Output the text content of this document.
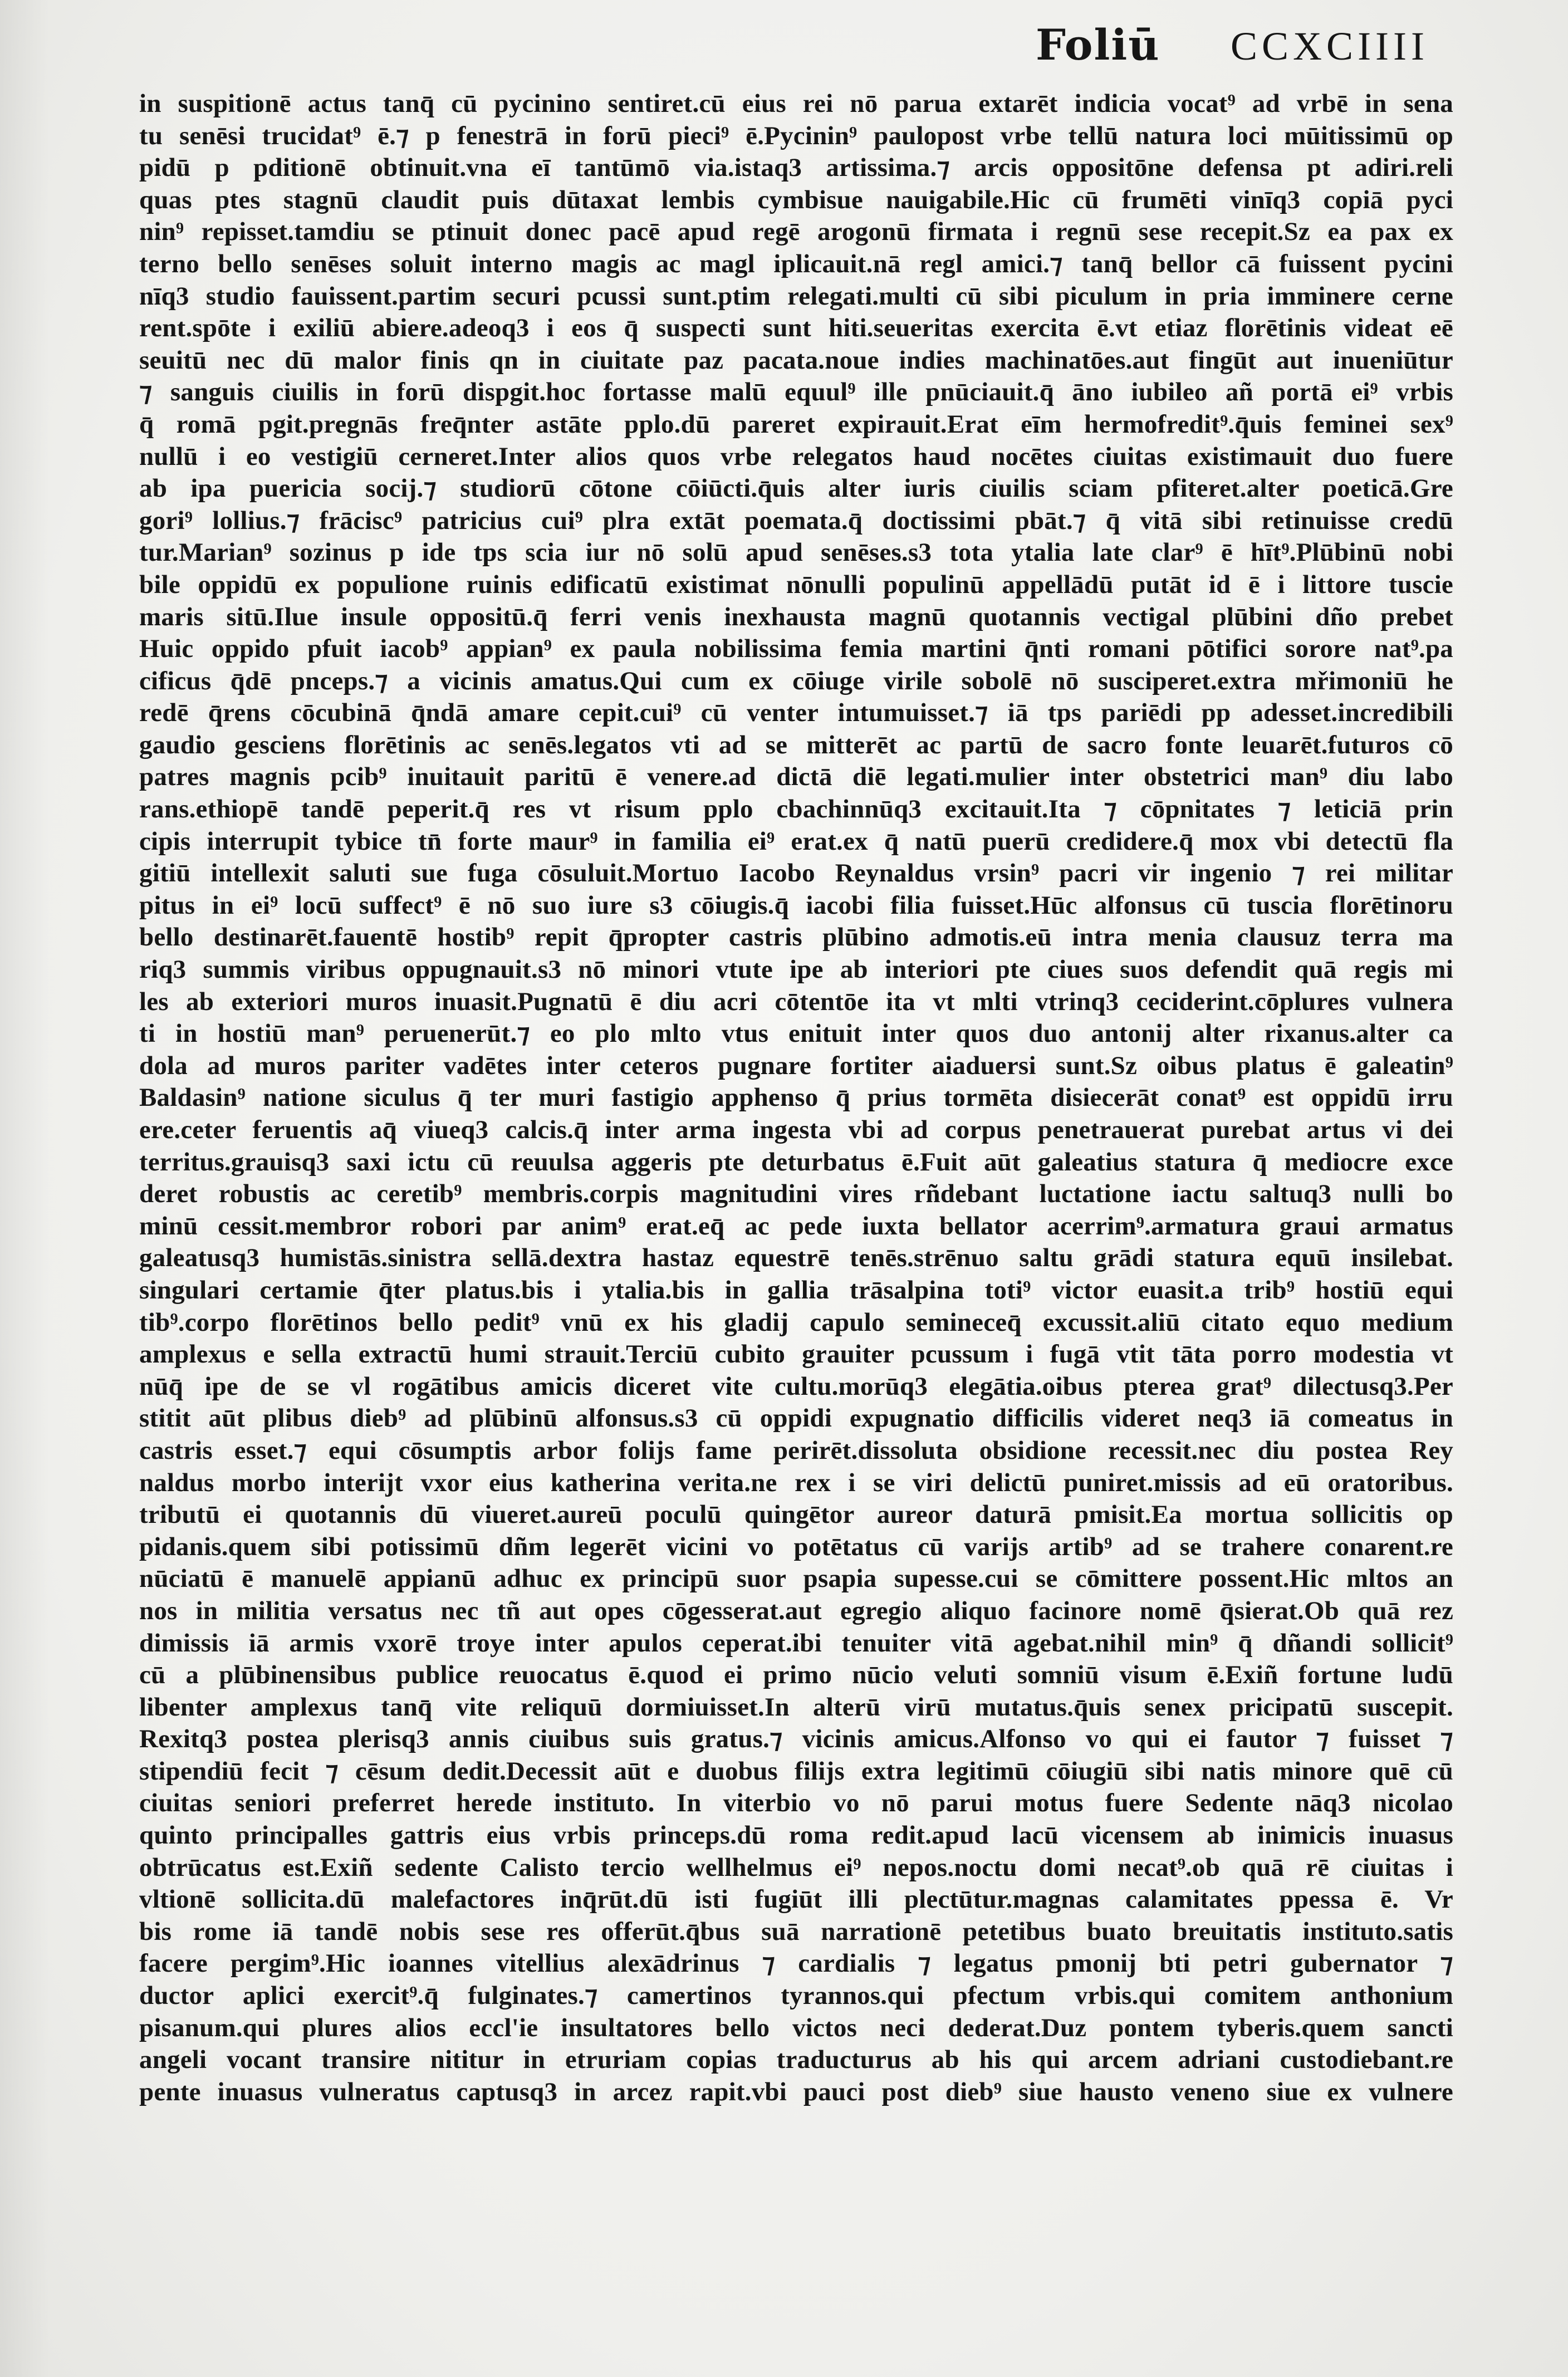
Foliū CCXCIIII
in suspitionē actus tanq̄ cū pycinino sentiret.cū eius rei nō parua extarēt indicia vocat⁹ ad vrbē in sena
tu senēsi trucidat⁹ ē.⁊ p fenestrā in forū pieci⁹ ē.Pycinin⁹ paulopost vrbe tellū natura loci mūitissimū op
pidū p pditionē obtinuit.vna eī tantūmō via.istaq3 artissima.⁊ arcis oppositōne defensa pt adiri.reli
quas ptes stagnū claudit puis dūtaxat lembis cymbisue nauigabile.Hic cū frumēti vinīq3 copiā pyci
nin⁹ repisset.tamdiu se ptinuit donec pacē apud regē arogonū firmata i regnū sese recepit.Sz ea pax ex
terno bello senēses soluit interno magis ac magl iplicauit.nā regl amici.⁊ tanq̄ bellor cā fuissent pycini
nīq3 studio fauissent.partim securi pcussi sunt.ptim relegati.multi cū sibi piculum in pria imminere cerne
rent.spōte i exiliū abiere.adeoq3 i eos q̄ suspecti sunt hiti.seueritas exercita ē.vt etiaz florētinis videat eē
seuitū nec dū malor finis qn in ciuitate paz pacata.noue indies machinatōes.aut fingūt aut inueniūtur
⁊ sanguis ciuilis in forū dispgit.hoc fortasse malū equul⁹ ille pnūciauit.q̄ āno iubileo añ portā ei⁹ vrbis
q̄ romā pgit.pregnās freq̄nter astāte pplo.dū pareret expirauit.Erat eīm hermofredit⁹.q̄uis feminei sex⁹
nullū i eo vestigiū cerneret.Inter alios quos vrbe relegatos haud nocētes ciuitas existimauit duo fuere
ab ipa puericia socij.⁊ studiorū cōtone cōiūcti.q̄uis alter iuris ciuilis sciam pfiteret.alter poeticā.Gre
gori⁹ lollius.⁊ frācisc⁹ patricius cui⁹ plra extāt poemata.q̄ doctissimi pbāt.⁊ q̄ vitā sibi retinuisse credū
tur.Marian⁹ sozinus p ide tps scia iur nō solū apud senēses.s3 tota ytalia late clar⁹ ē hīt⁹.Plūbinū nobi
bile oppidū ex populione ruinis edificatū existimat nōnulli populinū appellādū putāt id ē i littore tuscie
maris sitū.Ilue insule oppositū.q̄ ferri venis inexhausta magnū quotannis vectigal plūbini dño prebet
Huic oppido pfuit iacob⁹ appian⁹ ex paula nobilissima femia martini q̄nti romani pōtifici sorore nat⁹.pa
cificus q̄dē pnceps.⁊ a vicinis amatus.Qui cum ex cōiuge virile sobolē nō susciperet.extra mřimoniū he
redē q̄rens cōcubinā q̄ndā amare cepit.cui⁹ cū venter intumuisset.⁊ iā tps pariēdi pp adesset.incredibili
gaudio gesciens florētinis ac senēs.legatos vti ad se mitterēt ac partū de sacro fonte leuarēt.futuros cō
patres magnis pcib⁹ inuitauit paritū ē venere.ad dictā diē legati.mulier inter obstetrici man⁹ diu labo
rans.ethiopē tandē peperit.q̄ res vt risum pplo cbachinnūq3 excitauit.Ita ⁊ cōpnitates ⁊ leticiā prin
cipis interrupit tybice tn̄ forte maur⁹ in familia ei⁹ erat.ex q̄ natū puerū credidere.q̄ mox vbi detectū fla
gitiū intellexit saluti sue fuga cōsuluit.Mortuo Iacobo Reynaldus vrsin⁹ pacri vir ingenio ⁊ rei militar
pitus in ei⁹ locū suffect⁹ ē nō suo iure s3 cōiugis.q̄ iacobi filia fuisset.Hūc alfonsus cū tuscia florētinoru
bello destinarēt.fauentē hostib⁹ repit q̄propter castris plūbino admotis.eū intra menia clausuz terra ma
riq3 summis viribus oppugnauit.s3 nō minori vtute ipe ab interiori pte ciues suos defendit quā regis mi
les ab exteriori muros inuasit.Pugnatū ē diu acri cōtentōe ita vt mlti vtrinq3 ceciderint.cōplures vulnera
ti in hostiū man⁹ peruenerūt.⁊ eo plo mlto vtus enituit inter quos duo antonij alter rixanus.alter ca
dola ad muros pariter vadētes inter ceteros pugnare fortiter aiaduersi sunt.Sz oibus platus ē galeatin⁹
Baldasin⁹ natione siculus q̄ ter muri fastigio apphenso q̄ prius tormēta disiecerāt conat⁹ est oppidū irru
ere.ceter feruentis aq̄ viueq3 calcis.q̄ inter arma ingesta vbi ad corpus penetrauerat purebat artus vi dei
territus.grauisq3 saxi ictu cū reuulsa aggeris pte deturbatus ē.Fuit aūt galeatius statura q̄ mediocre exce
deret robustis ac ceretib⁹ membris.corpis magnitudini vires rñdebant luctatione iactu saltuq3 nulli bo
minū cessit.membror robori par anim⁹ erat.eq̄ ac pede iuxta bellator acerrim⁹.armatura graui armatus
galeatusq3 humistās.sinistra sellā.dextra hastaz equestrē tenēs.strēnuo saltu grādi statura equū insilebat.
singulari certamie q̄ter platus.bis i ytalia.bis in gallia trāsalpina toti⁹ victor euasit.a trib⁹ hostiū equi
tib⁹.corpo florētinos bello pedit⁹ vnū ex his gladij capulo semineceq̄ excussit.aliū citato equo medium
amplexus e sella extractū humi strauit.Terciū cubito grauiter pcussum i fugā vtit tāta porro modestia vt
nūq̄ ipe de se vl rogātibus amicis diceret vite cultu.morūq3 elegātia.oibus pterea grat⁹ dilectusq3.Per
stitit aūt plibus dieb⁹ ad plūbinū alfonsus.s3 cū oppidi expugnatio difficilis videret neq3 iā comeatus in
castris esset.⁊ equi cōsumptis arbor folijs fame perirēt.dissoluta obsidione recessit.nec diu postea Rey
naldus morbo interijt vxor eius katherina verita.ne rex i se viri delictū puniret.missis ad eū oratoribus.
tributū ei quotannis dū viueret.aureū poculū quingētor aureor daturā pmisit.Ea mortua sollicitis op
pidanis.quem sibi potissimū dñm legerēt vicini vo potētatus cū varijs artib⁹ ad se trahere conarent.re
nūciatū ē manuelē appianū adhuc ex principū suor psapia supesse.cui se cōmittere possent.Hic mltos an
nos in militia versatus nec tñ aut opes cōgesserat.aut egregio aliquo facinore nomē q̄sierat.Ob quā rez
dimissis iā armis vxorē troye inter apulos ceperat.ibi tenuiter vitā agebat.nihil min⁹ q̄ dñandi sollicit⁹
cū a plūbinensibus publice reuocatus ē.quod ei primo nūcio veluti somniū visum ē.Exiñ fortune ludū
libenter amplexus tanq̄ vite reliquū dormiuisset.In alterū virū mutatus.q̄uis senex pricipatū suscepit.
Rexitq3 postea plerisq3 annis ciuibus suis gratus.⁊ vicinis amicus.Alfonso vo qui ei fautor ⁊ fuisset ⁊
stipendiū fecit ⁊ cēsum dedit.Decessit aūt e duobus filijs extra legitimū cōiugiū sibi natis minore quē cū
ciuitas seniori preferret herede instituto. In viterbio vo nō parui motus fuere Sedente nāq3 nicolao
quinto principalles gattris eius vrbis princeps.dū roma redit.apud lacū vicensem ab inimicis inuasus
obtrūcatus est.Exiñ sedente Calisto tercio wellhelmus ei⁹ nepos.noctu domi necat⁹.ob quā rē ciuitas i
vltionē sollicita.dū malefactores inq̄rūt.dū isti fugiūt illi plectūtur.magnas calamitates ppessa ē. Vr
bis rome iā tandē nobis sese res offerūt.q̄bus suā narrationē petetibus buato breuitatis instituto.satis
facere pergim⁹.Hic ioannes vitellius alexādrinus ⁊ cardialis ⁊ legatus pmonij bti petri gubernator ⁊
ductor aplici exercit⁹.q̄ fulginates.⁊ camertinos tyrannos.qui pfectum vrbis.qui comitem anthonium
pisanum.qui plures alios eccl'ie insultatores bello victos neci dederat.Duz pontem tyberis.quem sancti
angeli vocant transire nititur in etruriam copias traducturus ab his qui arcem adriani custodiebant.re
pente inuasus vulneratus captusq3 in arcez rapit.vbi pauci post dieb⁹ siue hausto veneno siue ex vulnere
